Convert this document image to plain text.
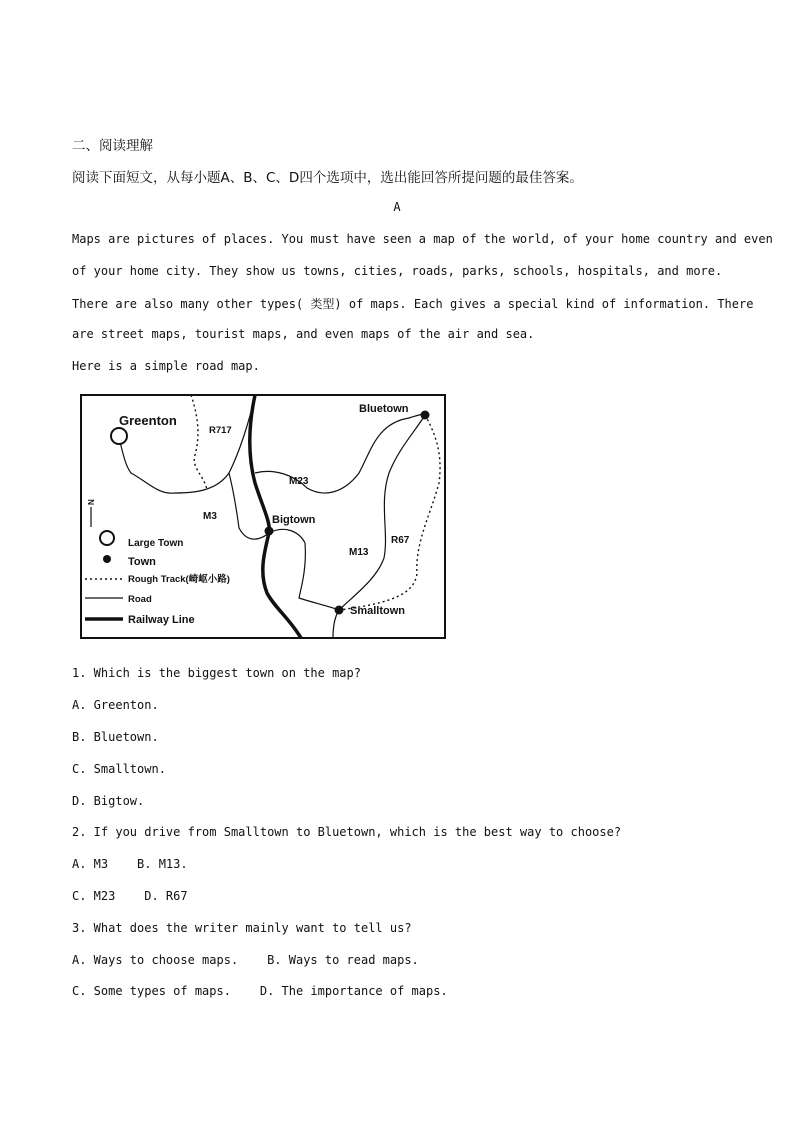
二、阅读理解
阅读下面短文，从每小题A、B、C、D四个选项中，选出能回答所提问题的最佳答案。
A
Maps are pictures of places. You must have seen a map of the world, of your home country and even
of your home city. They show us towns, cities, roads, parks, schools, hospitals, and more.
There are also many other types( 类型) of maps. Each gives a special kind of information. There
are street maps, tourist maps, and even maps of the air and sea.
Here is a simple road map.
Greenton
Bluetown
Bigtown
Smalltown
R717
M23
M3
M13
R67
N
Large Town
Town
Rough Track(崎岖小路)
Road
Railway Line
1. Which is the biggest town on the map?
A. Greenton.
B. Bluetown.
C. Smalltown.
D. Bigtow.
2. If you drive from Smalltown to Bluetown, which is the best way to choose?
A. M3    B. M13.
C. M23    D. R67
3. What does the writer mainly want to tell us?
A. Ways to choose maps.    B. Ways to read maps.
C. Some types of maps.    D. The importance of maps.
